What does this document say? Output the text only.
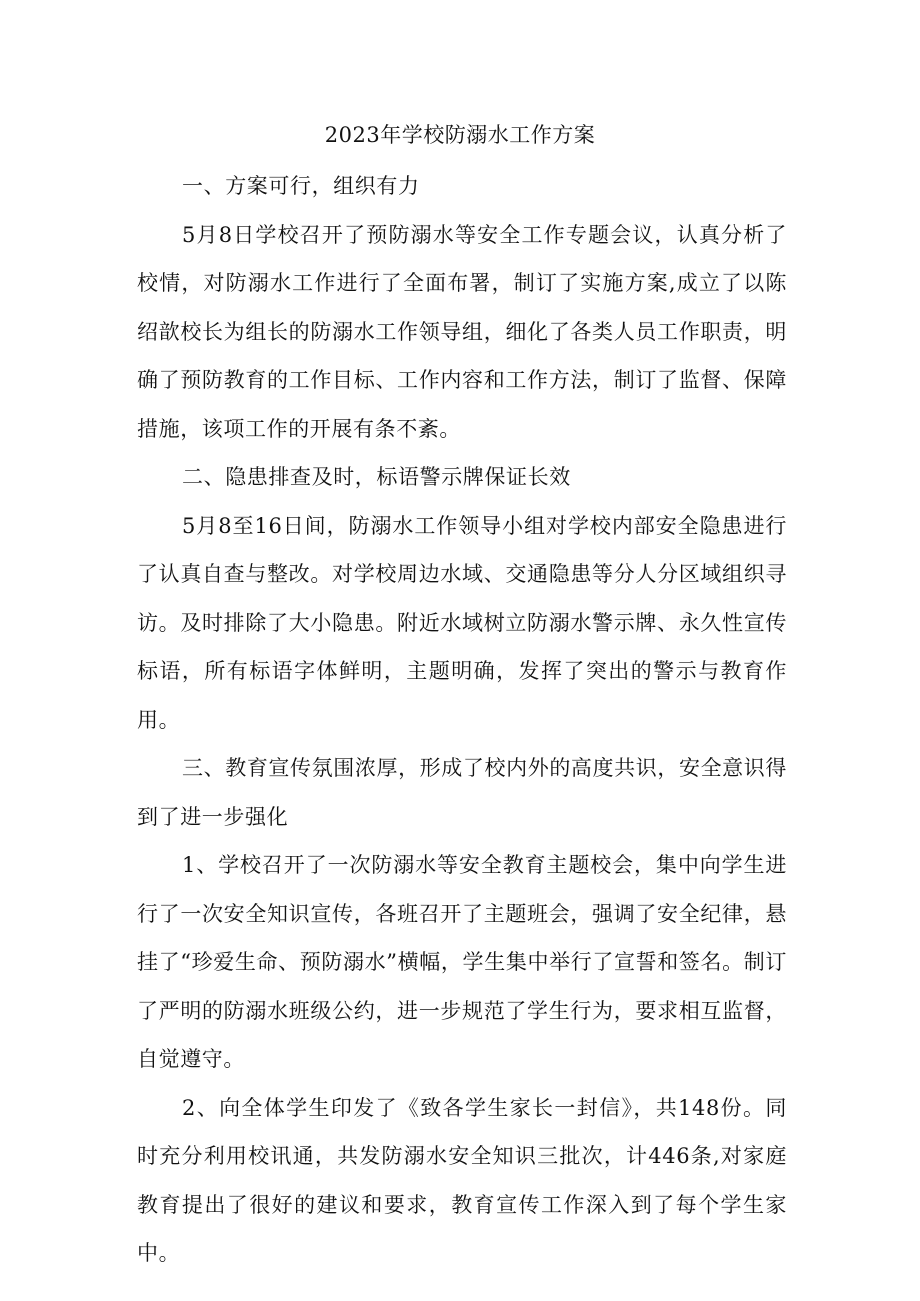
2023年学校防溺水工作方案

一、方案可行，组织有力

5月8日学校召开了预防溺水等安全工作专题会议，认真分析了校情，对防溺水工作进行了全面布署，制订了实施方案,成立了以陈绍歆校长为组长的防溺水工作领导组，细化了各类人员工作职责，明确了预防教育的工作目标、工作内容和工作方法，制订了监督、保障措施，该项工作的开展有条不紊。

二、隐患排查及时，标语警示牌保证长效

5月8至16日间，防溺水工作领导小组对学校内部安全隐患进行了认真自查与整改。对学校周边水域、交通隐患等分人分区域组织寻访。及时排除了大小隐患。附近水域树立防溺水警示牌、永久性宣传标语，所有标语字体鲜明，主题明确，发挥了突出的警示与教育作用。

三、教育宣传氛围浓厚，形成了校内外的高度共识，安全意识得到了进一步强化

1、学校召开了一次防溺水等安全教育主题校会，集中向学生进行了一次安全知识宣传，各班召开了主题班会，强调了安全纪律，悬挂了“珍爱生命、预防溺水”横幅，学生集中举行了宣誓和签名。制订了严明的防溺水班级公约，进一步规范了学生行为，要求相互监督，自觉遵守。

2、向全体学生印发了《致各学生家长一封信》，共148份。同时充分利用校讯通，共发防溺水安全知识三批次，计446条,对家庭教育提出了很好的建议和要求，教育宣传工作深入到了每个学生家中。
